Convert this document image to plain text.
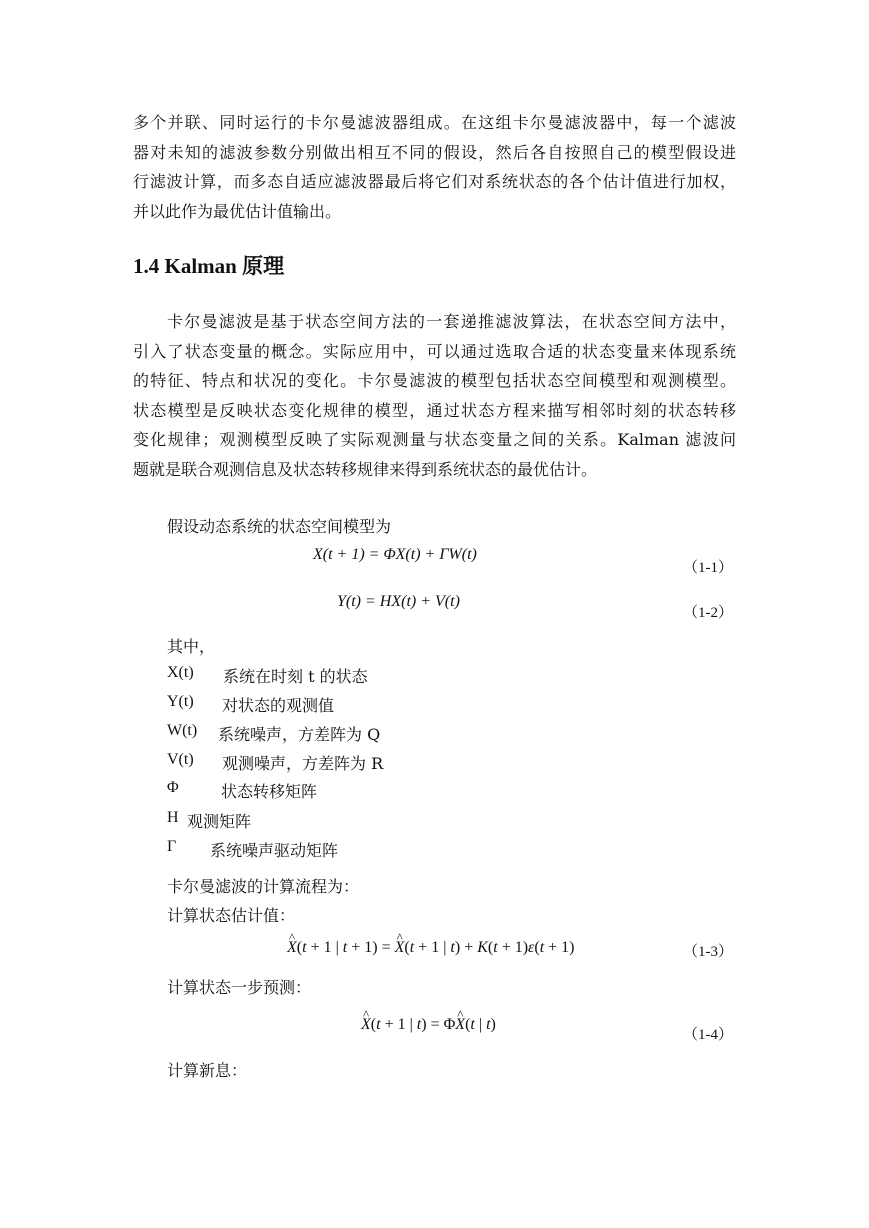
多个并联、同时运行的卡尔曼滤波器组成。在这组卡尔曼滤波器中，每一个滤波
器对未知的滤波参数分别做出相互不同的假设，然后各自按照自己的模型假设进
行滤波计算，而多态自适应滤波器最后将它们对系统状态的各个估计值进行加权，
并以此作为最优估计值输出。
1.4 Kalman 原理
卡尔曼滤波是基于状态空间方法的一套递推滤波算法，在状态空间方法中，
引入了状态变量的概念。实际应用中，可以通过选取合适的状态变量来体现系统
的特征、特点和状况的变化。卡尔曼滤波的模型包括状态空间模型和观测模型。
状态模型是反映状态变化规律的模型，通过状态方程来描写相邻时刻的状态转移
变化规律；观测模型反映了实际观测量与状态变量之间的关系。Kalman 滤波问
题就是联合观测信息及状态转移规律来得到系统状态的最优估计。
假设动态系统的状态空间模型为
X(t + 1) = ΦX(t) + ΓW(t)
（1-1）
Y(t) = HX(t) + V(t)
（1-2）
其中，
X(t) 系统在时刻 t 的状态
Y(t) 对状态的观测值
W(t) 系统噪声，方差阵为 Q
V(t) 观测噪声，方差阵为 R
Φ	状态转移矩阵
H 观测矩阵
Γ 系统噪声驱动矩阵
卡尔曼滤波的计算流程为：
计算状态估计值：
^ X(t + 1 | t + 1) = ^ X(t + 1 | t) + K(t + 1)ε(t + 1)	（1-3）
计算状态一步预测：
^ X(t + 1 | t) = Φ^ X(t | t)
（1-4）
计算新息：
